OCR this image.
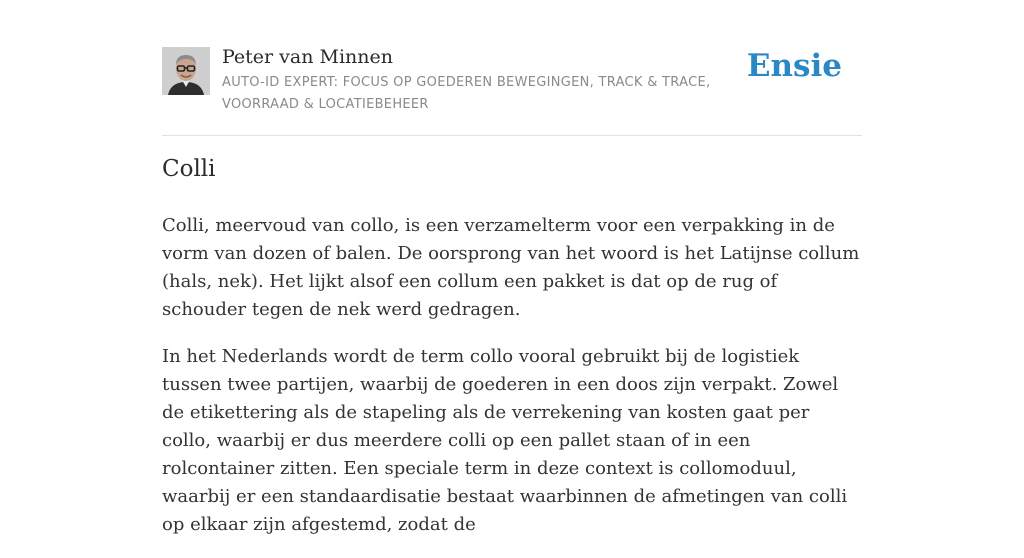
Peter van Minnen
AUTO-ID EXPERT: FOCUS OP GOEDEREN BEWEGINGEN, TRACK & TRACE, VOORRAAD & LOCATIEBEHEER
Ensie
Colli

Colli, meervoud van collo, is een verzamelterm voor een verpakking in de vorm van dozen of balen. De oorsprong van het woord is het Latijnse collum (hals, nek). Het lijkt alsof een collum een pakket is dat op de rug of schouder tegen de nek werd gedragen.

In het Nederlands wordt de term collo vooral gebruikt bij de logistiek tussen twee partijen, waarbij de goederen in een doos zijn verpakt. Zowel de etikettering als de stapeling als de verrekening van kosten gaat per collo, waarbij er dus meerdere colli op een pallet staan of in een rolcontainer zitten. Een speciale term in deze context is collomoduul, waarbij er een standaardisatie bestaat waarbinnen de afmetingen van colli op elkaar zijn afgestemd, zodat de
